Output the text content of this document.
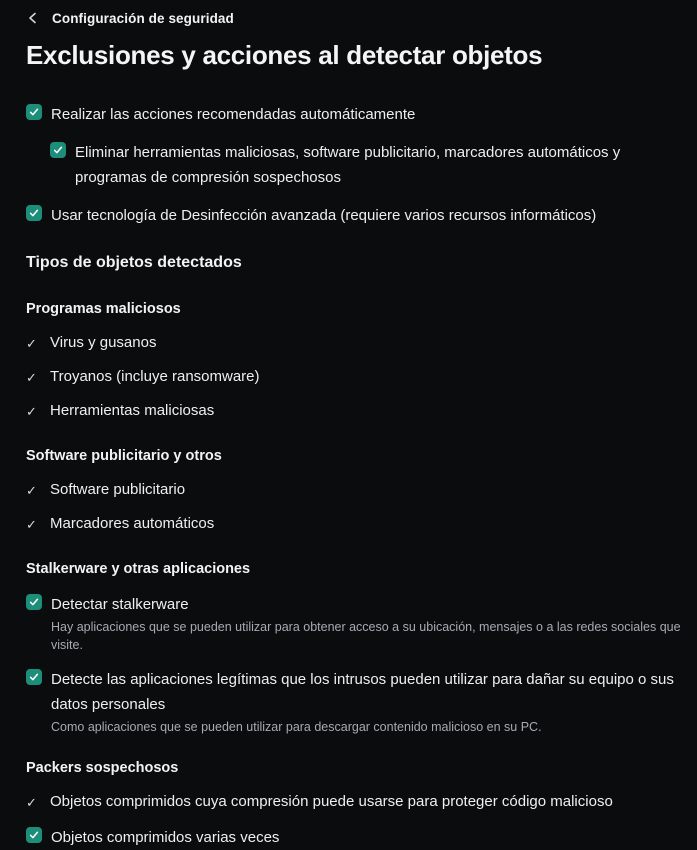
Configuración de seguridad
Exclusiones y acciones al detectar objetos
Realizar las acciones recomendadas automáticamente
Eliminar herramientas maliciosas, software publicitario, marcadores automáticos y programas de compresión sospechosos
Usar tecnología de Desinfección avanzada (requiere varios recursos informáticos)
Tipos de objetos detectados
Programas maliciosos
✓ Virus y gusanos
✓ Troyanos (incluye ransomware)
✓ Herramientas maliciosas
Software publicitario y otros
✓ Software publicitario
✓ Marcadores automáticos
Stalkerware y otras aplicaciones
Detectar stalkerware
Hay aplicaciones que se pueden utilizar para obtener acceso a su ubicación, mensajes o a las redes sociales que visite.
Detecte las aplicaciones legítimas que los intrusos pueden utilizar para dañar su equipo o sus datos personales
Como aplicaciones que se pueden utilizar para descargar contenido malicioso en su PC.
Packers sospechosos
✓ Objetos comprimidos cuya compresión puede usarse para proteger código malicioso
Objetos comprimidos varias veces
